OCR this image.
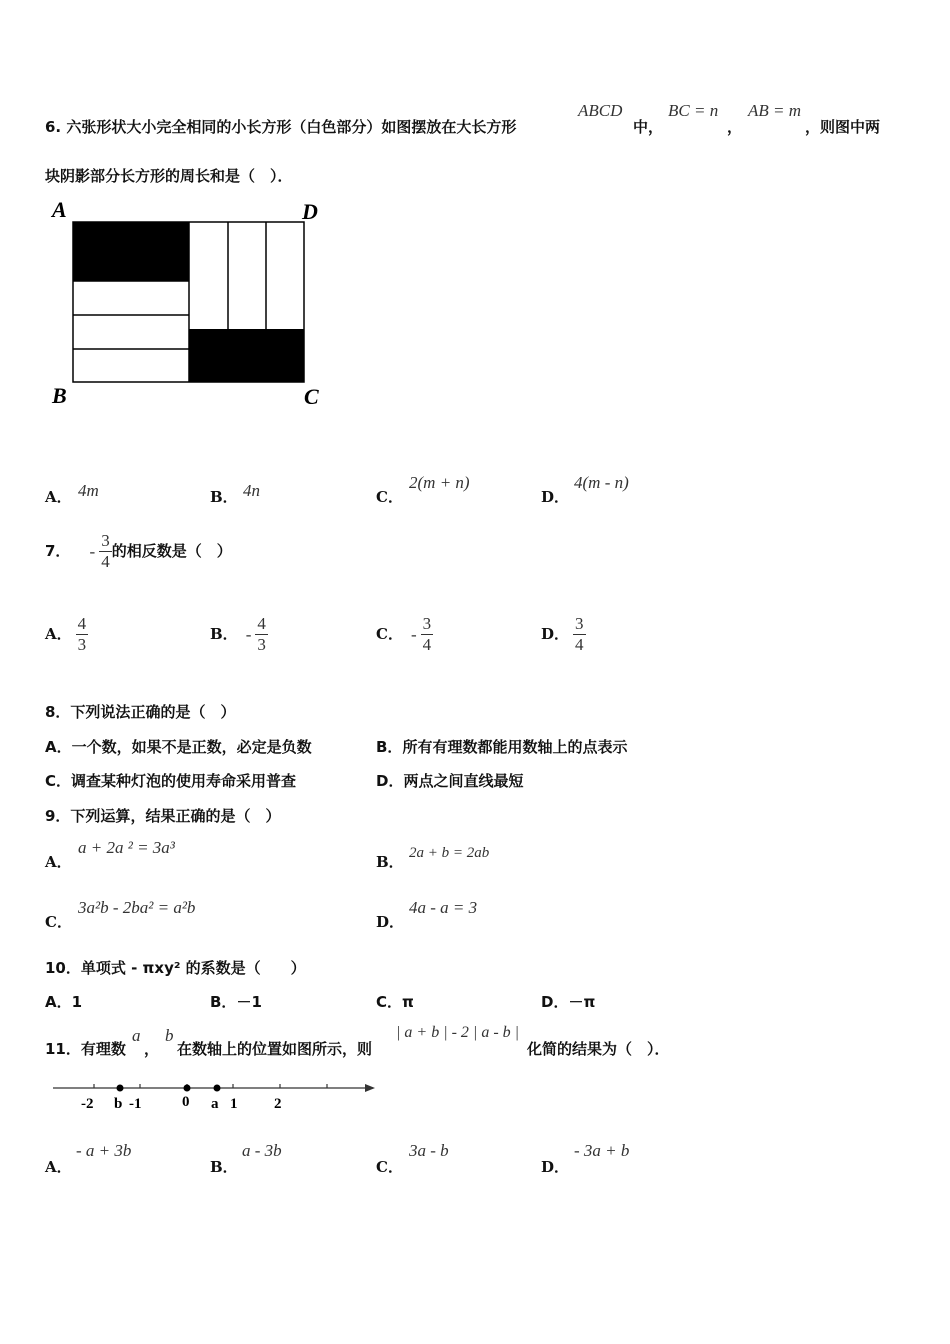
6. 六张形状大小完全相同的小长方形（白色部分）如图摆放在大长方形
ABCD
中，
BC = n
，
AB = m
，则图中两
块阴影部分长方形的周长和是（　）．
A	D
B	C
A． 4m	B． 4n	C．
2(m + n)
D．
4(m - n)
7． - $\frac{3}{4}$ 的相反数是（　）
A． $\frac{4}{3}$	B． - $\frac{4}{3}$	C． - $\frac{3}{4}$	D． $\frac{3}{4}$
8．下列说法正确的是（　）
A．一个数，如果不是正数，必定是负数	B．所有有理数都能用数轴上的点表示
C．调查某种灯泡的使用寿命采用普查	D．两点之间直线最短
9．下列运算，结果正确的是（　）
A．
a + 2a ² = 3a³
B． 2a + b = 2ab
C．
3a²b - 2ba² = a²b
D．
4a - a = 3
10．单项式 - πxy² 的系数是（　　）
A．1	B．－1	C．π	D．－π
11．有理数
a
，
b
在数轴上的位置如图所示，则
| a + b | - 2 | a - b |
化简的结果为（　）．
-2 b -1	0 a 1 2
A．
- a + 3b
B．
a - 3b
C．
3a - b
D．
- 3a + b
